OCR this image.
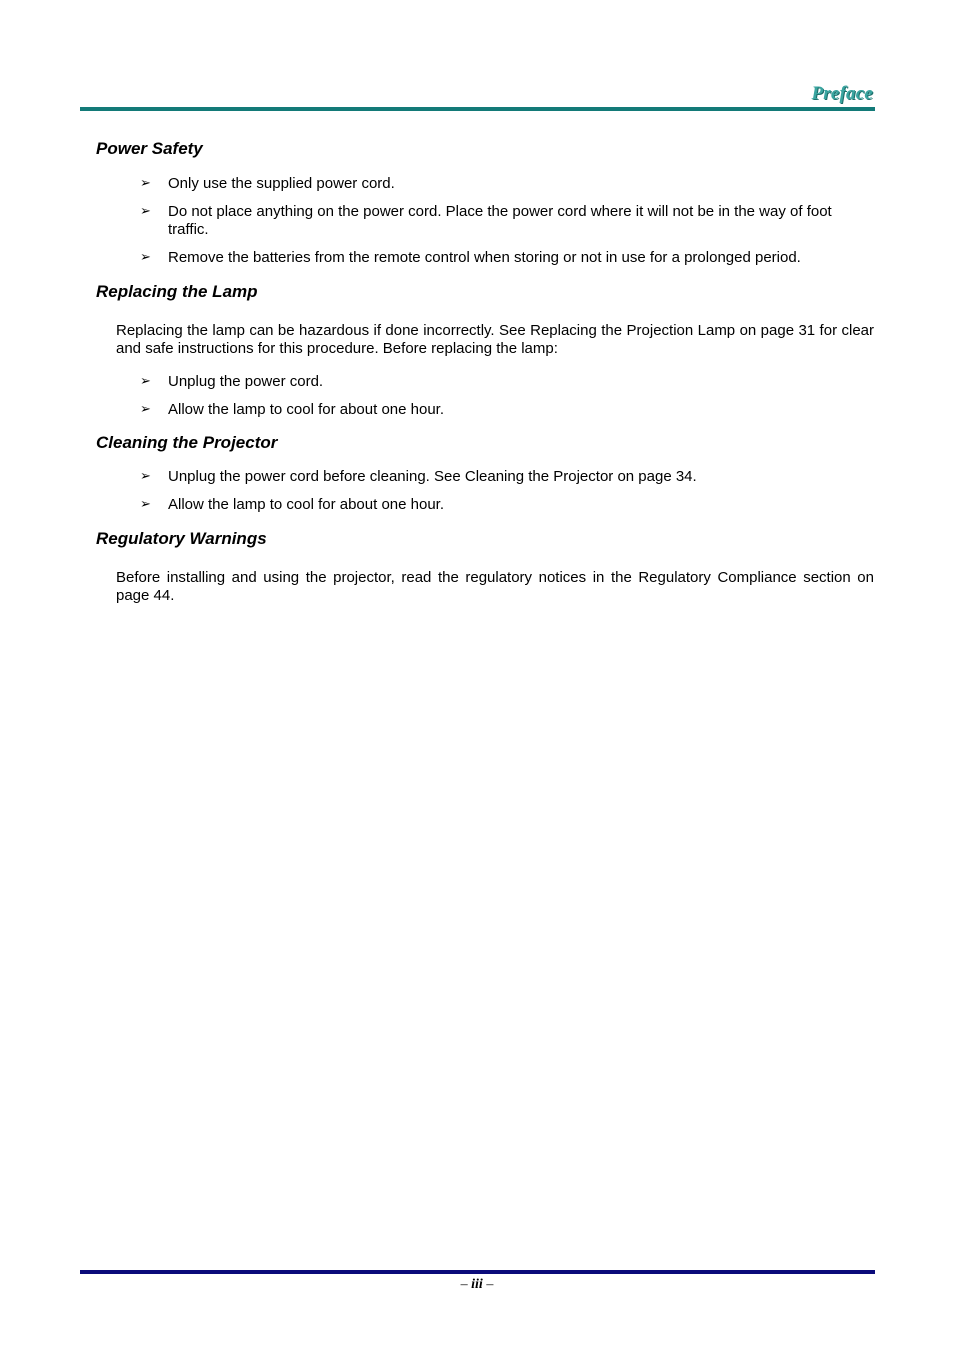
Preface
Power Safety
➢ Only use the supplied power cord.
➢ Do not place anything on the power cord. Place the power cord where it will not be in the way of foot traffic.
➢ Remove the batteries from the remote control when storing or not in use for a prolonged period.
Replacing the Lamp

Replacing the lamp can be hazardous if done incorrectly. See Replacing the Projection Lamp on page 31 for clear and safe instructions for this procedure. Before replacing the lamp:

➢ Unplug the power cord.
➢ Allow the lamp to cool for about one hour.
Cleaning the Projector
➢ Unplug the power cord before cleaning. See Cleaning the Projector on page 34.
➢ Allow the lamp to cool for about one hour.
Regulatory Warnings

Before installing and using the projector, read the regulatory notices in the Regulatory Compliance section on page 44.

– iii –
